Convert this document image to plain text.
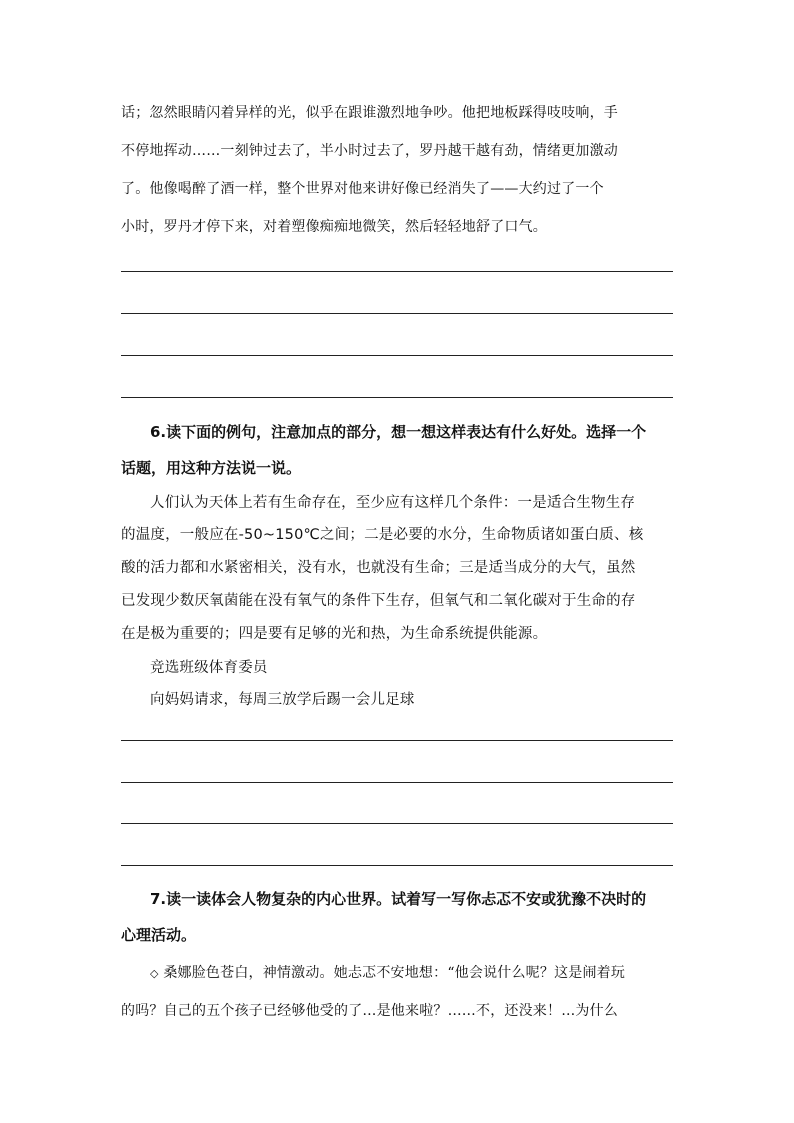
话；忽然眼睛闪着异样的光，似乎在跟谁激烈地争吵。他把地板踩得吱吱响，手
不停地挥动……一刻钟过去了，半小时过去了，罗丹越干越有劲，情绪更加激动
了。他像喝醉了酒一样，整个世界对他来讲好像已经消失了——大约过了一个
小时，罗丹才停下来，对着塑像痴痴地微笑，然后轻轻地舒了口气。
6.读下面的例句，注意加点的部分，想一想这样表达有什么好处。选择一个
话题，用这种方法说一说。
人们认为天体上若有生命存在，至少应有这样几个条件：一是适合生物生存
的温度，一般应在-50~150℃之间；二是必要的水分，生命物质诸如蛋白质、核
酸的活力都和水紧密相关，没有水，也就没有生命；三是适当成分的大气，虽然
已发现少数厌氧菌能在没有氧气的条件下生存，但氧气和二氧化碳对于生命的存
在是极为重要的；四是要有足够的光和热，为生命系统提供能源。
竞选班级体育委员
向妈妈请求，每周三放学后踢一会儿足球
7.读一读体会人物复杂的内心世界。试着写一写你忐忑不安或犹豫不决时的
心理活动。
◇ 桑娜脸色苍白，神情激动。她忐忑不安地想：“他会说什么呢？这是闹着玩
的吗？自己的五个孩子已经够他受的了…是他来啦？……不，还没来！…为什么
